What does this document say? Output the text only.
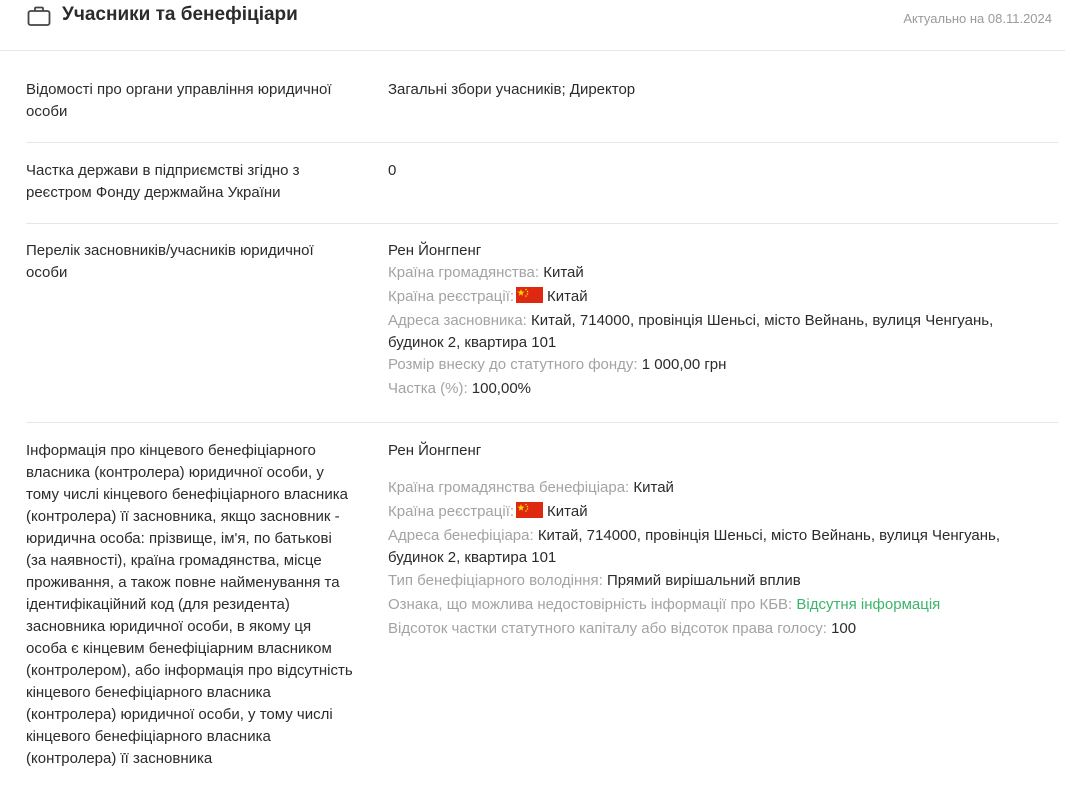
Учасники та бенефіціари	Актуально на 08.11.2024
Відомості про органи управління юридичної особи
Загальні збори учасників; Директор
Частка держави в підприємстві згідно з реєстром Фонду держмайна України
0
Перелік засновників/учасників юридичної особи
Рен Йонгпенг
Країна громадянства: Китай
Країна реєстрації: Китай
Адреса засновника: Китай, 714000, провінція Шеньсі, місто Вейнань, вулиця Ченгуань, будинок 2, квартира 101
Розмір внеску до статутного фонду: 1 000,00 грн
Частка (%): 100,00%
Інформація про кінцевого бенефіціарного власника (контролера) юридичної особи, у тому числі кінцевого бенефіціарного власника (контролера) її засновника, якщо засновник - юридична особа: прізвище, ім'я, по батькові (за наявності), країна громадянства, місце проживання, а також повне найменування та ідентифікаційний код (для резидента) засновника юридичної особи, в якому ця особа є кінцевим бенефіціарним власником (контролером), або інформація про відсутність кінцевого бенефіціарного власника (контролера) юридичної особи, у тому числі кінцевого бенефіціарного власника (контролера) її засновника
Рен Йонгпенг
Країна громадянства бенефіціара: Китай
Країна реєстрації: Китай
Адреса бенефіціара: Китай, 714000, провінція Шеньсі, місто Вейнань, вулиця Ченгуань, будинок 2, квартира 101
Тип бенефіціарного володіння: Прямий вирішальний вплив
Ознака, що можлива недостовірність інформації про КБВ: Відсутня інформація
Відсоток частки статутного капіталу або відсоток права голосу: 100
